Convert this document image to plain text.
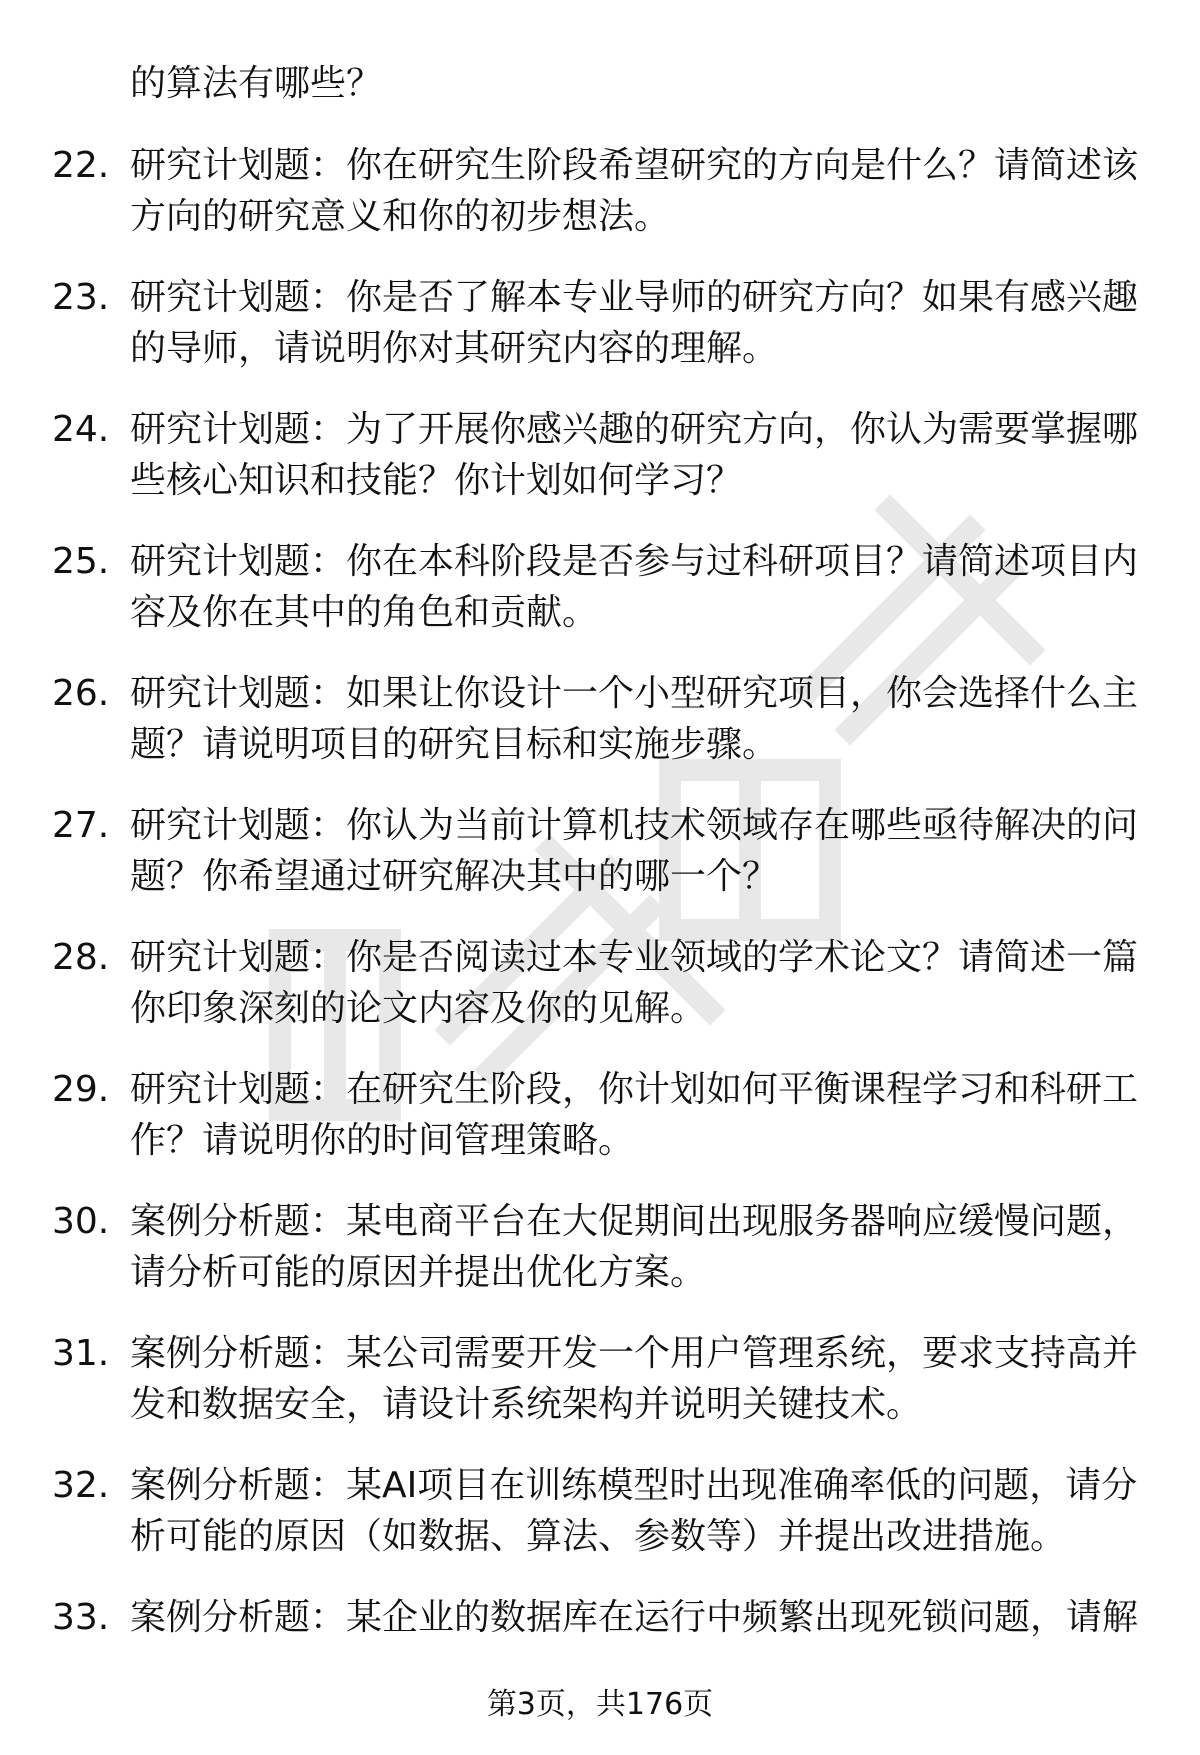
的算法有哪些？
22. 研究计划题：你在研究生阶段希望研究的方向是什么？请简述该
方向的研究意义和你的初步想法。
23. 研究计划题：你是否了解本专业导师的研究方向？如果有感兴趣
的导师，请说明你对其研究内容的理解。
24. 研究计划题：为了开展你感兴趣的研究方向，你认为需要掌握哪
些核心知识和技能？你计划如何学习？
25. 研究计划题：你在本科阶段是否参与过科研项目？请简述项目内
容及你在其中的角色和贡献。
26. 研究计划题：如果让你设计一个小型研究项目，你会选择什么主
题？请说明项目的研究目标和实施步骤。
27. 研究计划题：你认为当前计算机技术领域存在哪些亟待解决的问
题？你希望通过研究解决其中的哪一个？
28. 研究计划题：你是否阅读过本专业领域的学术论文？请简述一篇
你印象深刻的论文内容及你的见解。
29. 研究计划题：在研究生阶段，你计划如何平衡课程学习和科研工
作？请说明你的时间管理策略。
30. 案例分析题：某电商平台在大促期间出现服务器响应缓慢问题，
请分析可能的原因并提出优化方案。
31. 案例分析题：某公司需要开发一个用户管理系统，要求支持高并
发和数据安全，请设计系统架构并说明关键技术。
32. 案例分析题：某AI项目在训练模型时出现准确率低的问题，请分
析可能的原因（如数据、算法、参数等）并提出改进措施。
33. 案例分析题：某企业的数据库在运行中频繁出现死锁问题，请解
第3页，共176页
